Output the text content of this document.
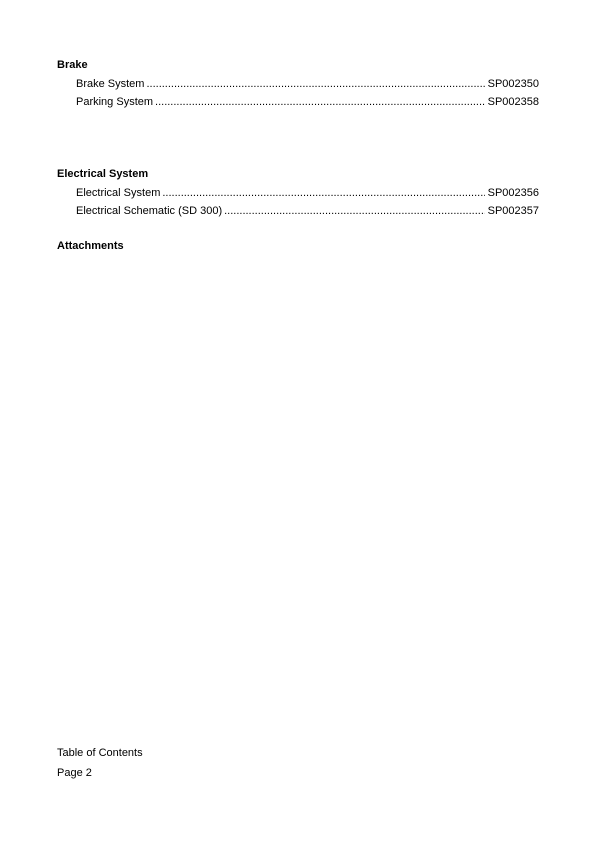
Brake

Brake System .....	SP002350
Parking System .....	SP002358

Electrical System

Electrical System .....	SP002356
Electrical Schematic (SD 300) .....	SP002357

Attachments

Table of Contents
Page 2
